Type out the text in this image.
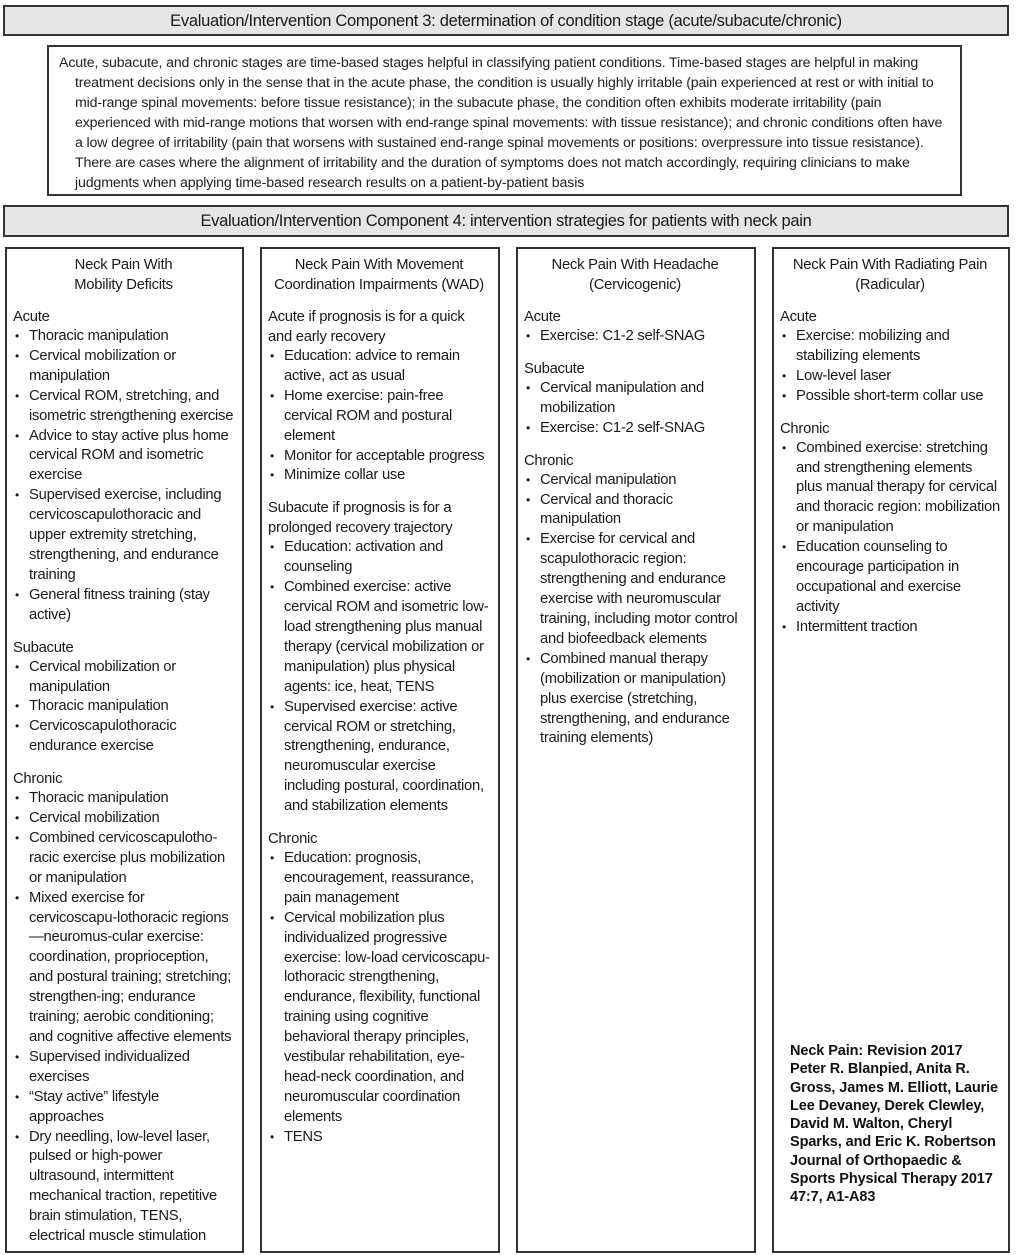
Evaluation/Intervention Component 3: determination of condition stage (acute/subacute/chronic)

Acute, subacute, and chronic stages are time-based stages helpful in classifying patient conditions. Time-based stages are helpful in making treatment decisions only in the sense that in the acute phase, the condition is usually highly irritable (pain experienced at rest or with initial to mid-range spinal movements: before tissue resistance); in the subacute phase, the condition often exhibits moderate irritability (pain experienced with mid-range motions that worsen with end-range spinal movements: with tissue resistance); and chronic conditions often have a low degree of irritability (pain that worsens with sustained end-range spinal movements or positions: overpressure into tissue resistance). There are cases where the alignment of irritability and the duration of symptoms does not match accordingly, requiring clinicians to make judgments when applying time-based research results on a patient-by-patient basis

Evaluation/Intervention Component 4: intervention strategies for patients with neck pain
Neck Pain With
Mobility Deficits
Acute
• Thoracic manipulation
• Cervical mobilization or manipulation
• Cervical ROM, stretching, and isometric strengthening exercise
• Advice to stay active plus home cervical ROM and isometric exercise
• Supervised exercise, including cervicoscapulothoracic and upper extremity stretching, strengthening, and endurance training
• General fitness training (stay active)
Subacute
• Cervical mobilization or manipulation
• Thoracic manipulation
• Cervicoscapulothoracic endurance exercise
Chronic
• Thoracic manipulation
• Cervical mobilization
• Combined cervicoscapulotho-racic exercise plus mobilization or manipulation
• Mixed exercise for cervicoscapu-lothoracic regions—neuromus-cular exercise: coordination, proprioception, and postural training; stretching; strengthen-ing; endurance training; aerobic conditioning; and cognitive affective elements
• Supervised individualized exercises
• “Stay active” lifestyle approaches
• Dry needling, low-level laser, pulsed or high-power ultrasound, intermittent mechanical traction, repetitive brain stimulation, TENS, electrical muscle stimulation
Neck Pain With Movement
Coordination Impairments (WAD)
Acute if prognosis is for a quick and early recovery
• Education: advice to remain active, act as usual
• Home exercise: pain-free cervical ROM and postural element
• Monitor for acceptable progress
• Minimize collar use
Subacute if prognosis is for a prolonged recovery trajectory
• Education: activation and counseling
• Combined exercise: active cervical ROM and isometric low-load strengthening plus manual therapy (cervical mobilization or manipulation) plus physical agents: ice, heat, TENS
• Supervised exercise: active cervical ROM or stretching, strengthening, endurance, neuromuscular exercise including postural, coordination, and stabilization elements
Chronic
• Education: prognosis, encouragement, reassurance, pain management
• Cervical mobilization plus individualized progressive exercise: low-load cervicoscapu-lothoracic strengthening, endurance, flexibility, functional training using cognitive behavioral therapy principles, vestibular rehabilitation, eye-head-neck coordination, and neuromuscular coordination elements
• TENS
Neck Pain With Headache
(Cervicogenic)
Acute
• Exercise: C1-2 self-SNAG
Subacute
• Cervical manipulation and mobilization
• Exercise: C1-2 self-SNAG
Chronic
• Cervical manipulation
• Cervical and thoracic manipulation
• Exercise for cervical and scapulothoracic region: strengthening and endurance exercise with neuromuscular training, including motor control and biofeedback elements
• Combined manual therapy (mobilization or manipulation) plus exercise (stretching, strengthening, and endurance training elements)
Neck Pain With Radiating Pain
(Radicular)
Acute
• Exercise: mobilizing and stabilizing elements
• Low-level laser
• Possible short-term collar use
Chronic
• Combined exercise: stretching and strengthening elements plus manual therapy for cervical and thoracic region: mobilization or manipulation
• Education counseling to encourage participation in occupational and exercise activity
• Intermittent traction
Neck Pain: Revision 2017
Peter R. Blanpied, Anita R. Gross, James M. Elliott, Laurie Lee Devaney, Derek Clewley, David M. Walton, Cheryl Sparks, and Eric K. Robertson
Journal of Orthopaedic & Sports Physical Therapy 2017 47:7, A1-A83
